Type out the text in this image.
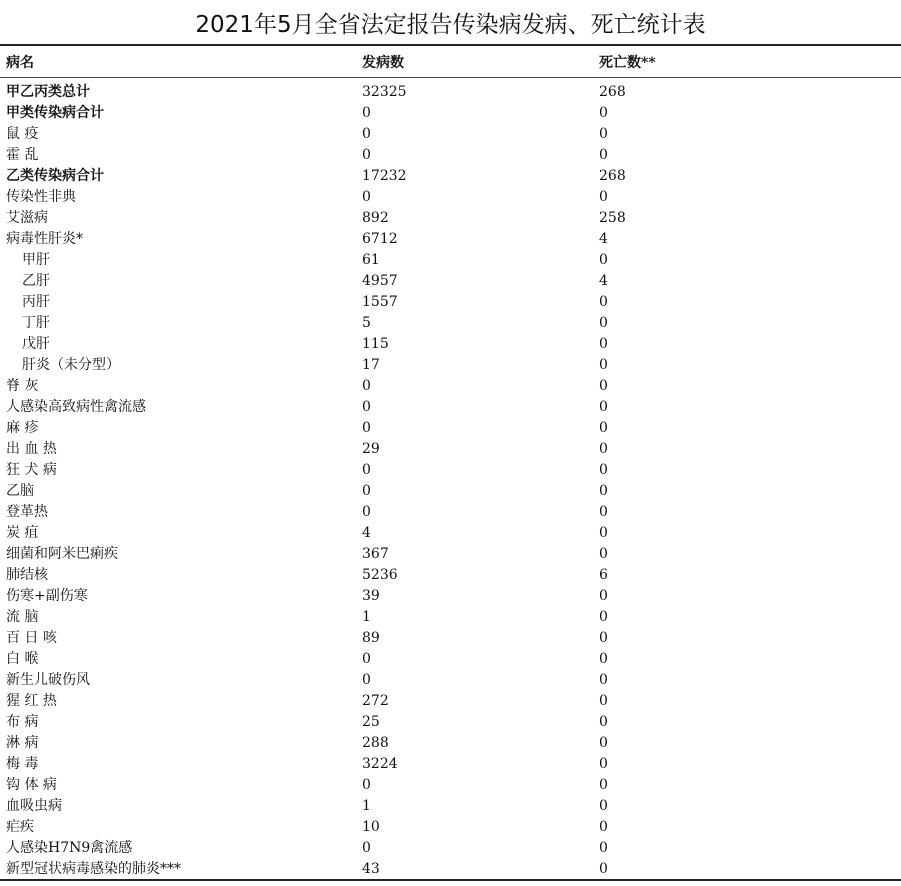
2021年5月全省法定报告传染病发病、死亡统计表
病名	发病数	死亡数**
甲乙丙类总计	32325	268
甲类传染病合计	0	0
鼠 疫	0	0
霍 乱	0	0
乙类传染病合计	17232	268
传染性非典	0	0
艾滋病	892	258
病毒性肝炎*	6712	4
甲肝	61	0
乙肝	4957	4
丙肝	1557	0
丁肝	5	0
戊肝	115	0
肝炎（未分型）	17	0
脊 灰	0	0
人感染高致病性禽流感	0	0
麻 疹	0	0
出 血 热	29	0
狂 犬 病	0	0
乙脑	0	0
登革热	0	0
炭 疽	4	0
细菌和阿米巴痢疾	367	0
肺结核	5236	6
伤寒+副伤寒	39	0
流 脑	1	0
百 日 咳	89	0
白 喉	0	0
新生儿破伤风	0	0
猩 红 热	272	0
布 病	25	0
淋 病	288	0
梅 毒	3224	0
钩 体 病	0	0
血吸虫病	1	0
疟疾	10	0
人感染H7N9禽流感	0	0
新型冠状病毒感染的肺炎***	43	0
